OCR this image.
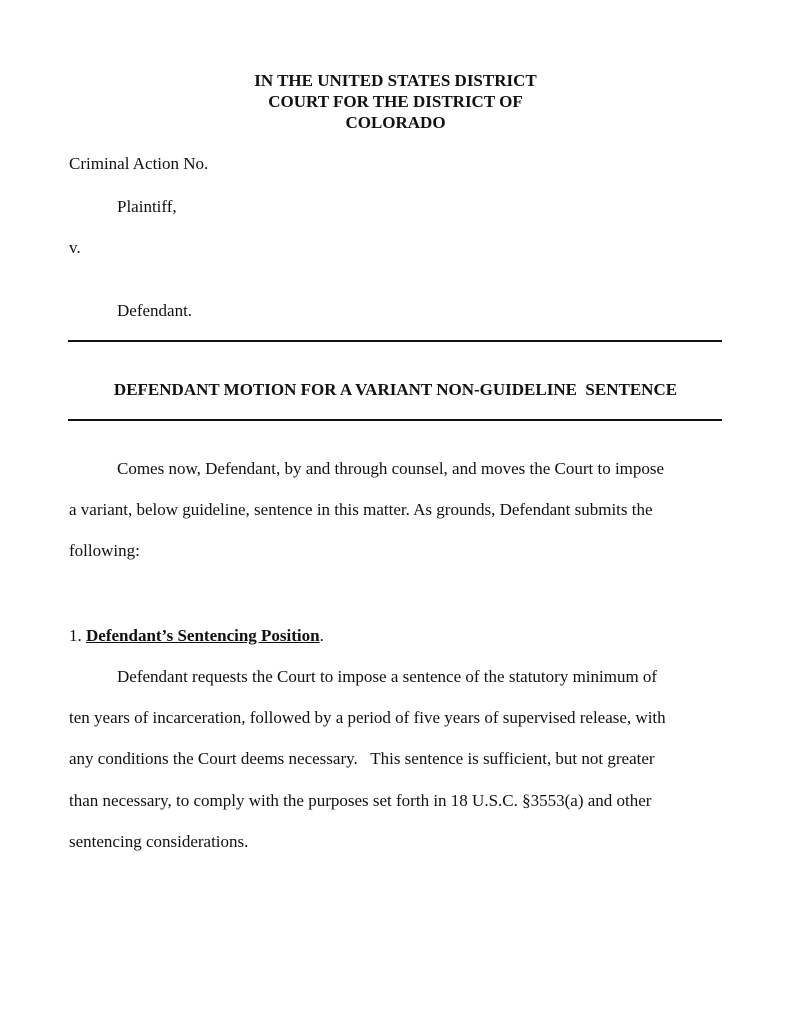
IN THE UNITED STATES DISTRICT
COURT FOR THE DISTRICT OF
COLORADO
Criminal Action No.
Plaintiff,
v.
Defendant.
DEFENDANT MOTION FOR A VARIANT NON-GUIDELINE  SENTENCE
Comes now, Defendant, by and through counsel, and moves the Court to impose
a variant, below guideline, sentence in this matter. As grounds, Defendant submits the
following:
1. Defendant’s Sentencing Position.
Defendant requests the Court to impose a sentence of the statutory minimum of
ten years of incarceration, followed by a period of five years of supervised release, with
any conditions the Court deems necessary.   This sentence is sufficient, but not greater
than necessary, to comply with the purposes set forth in 18 U.S.C. §3553(a) and other
sentencing considerations.
